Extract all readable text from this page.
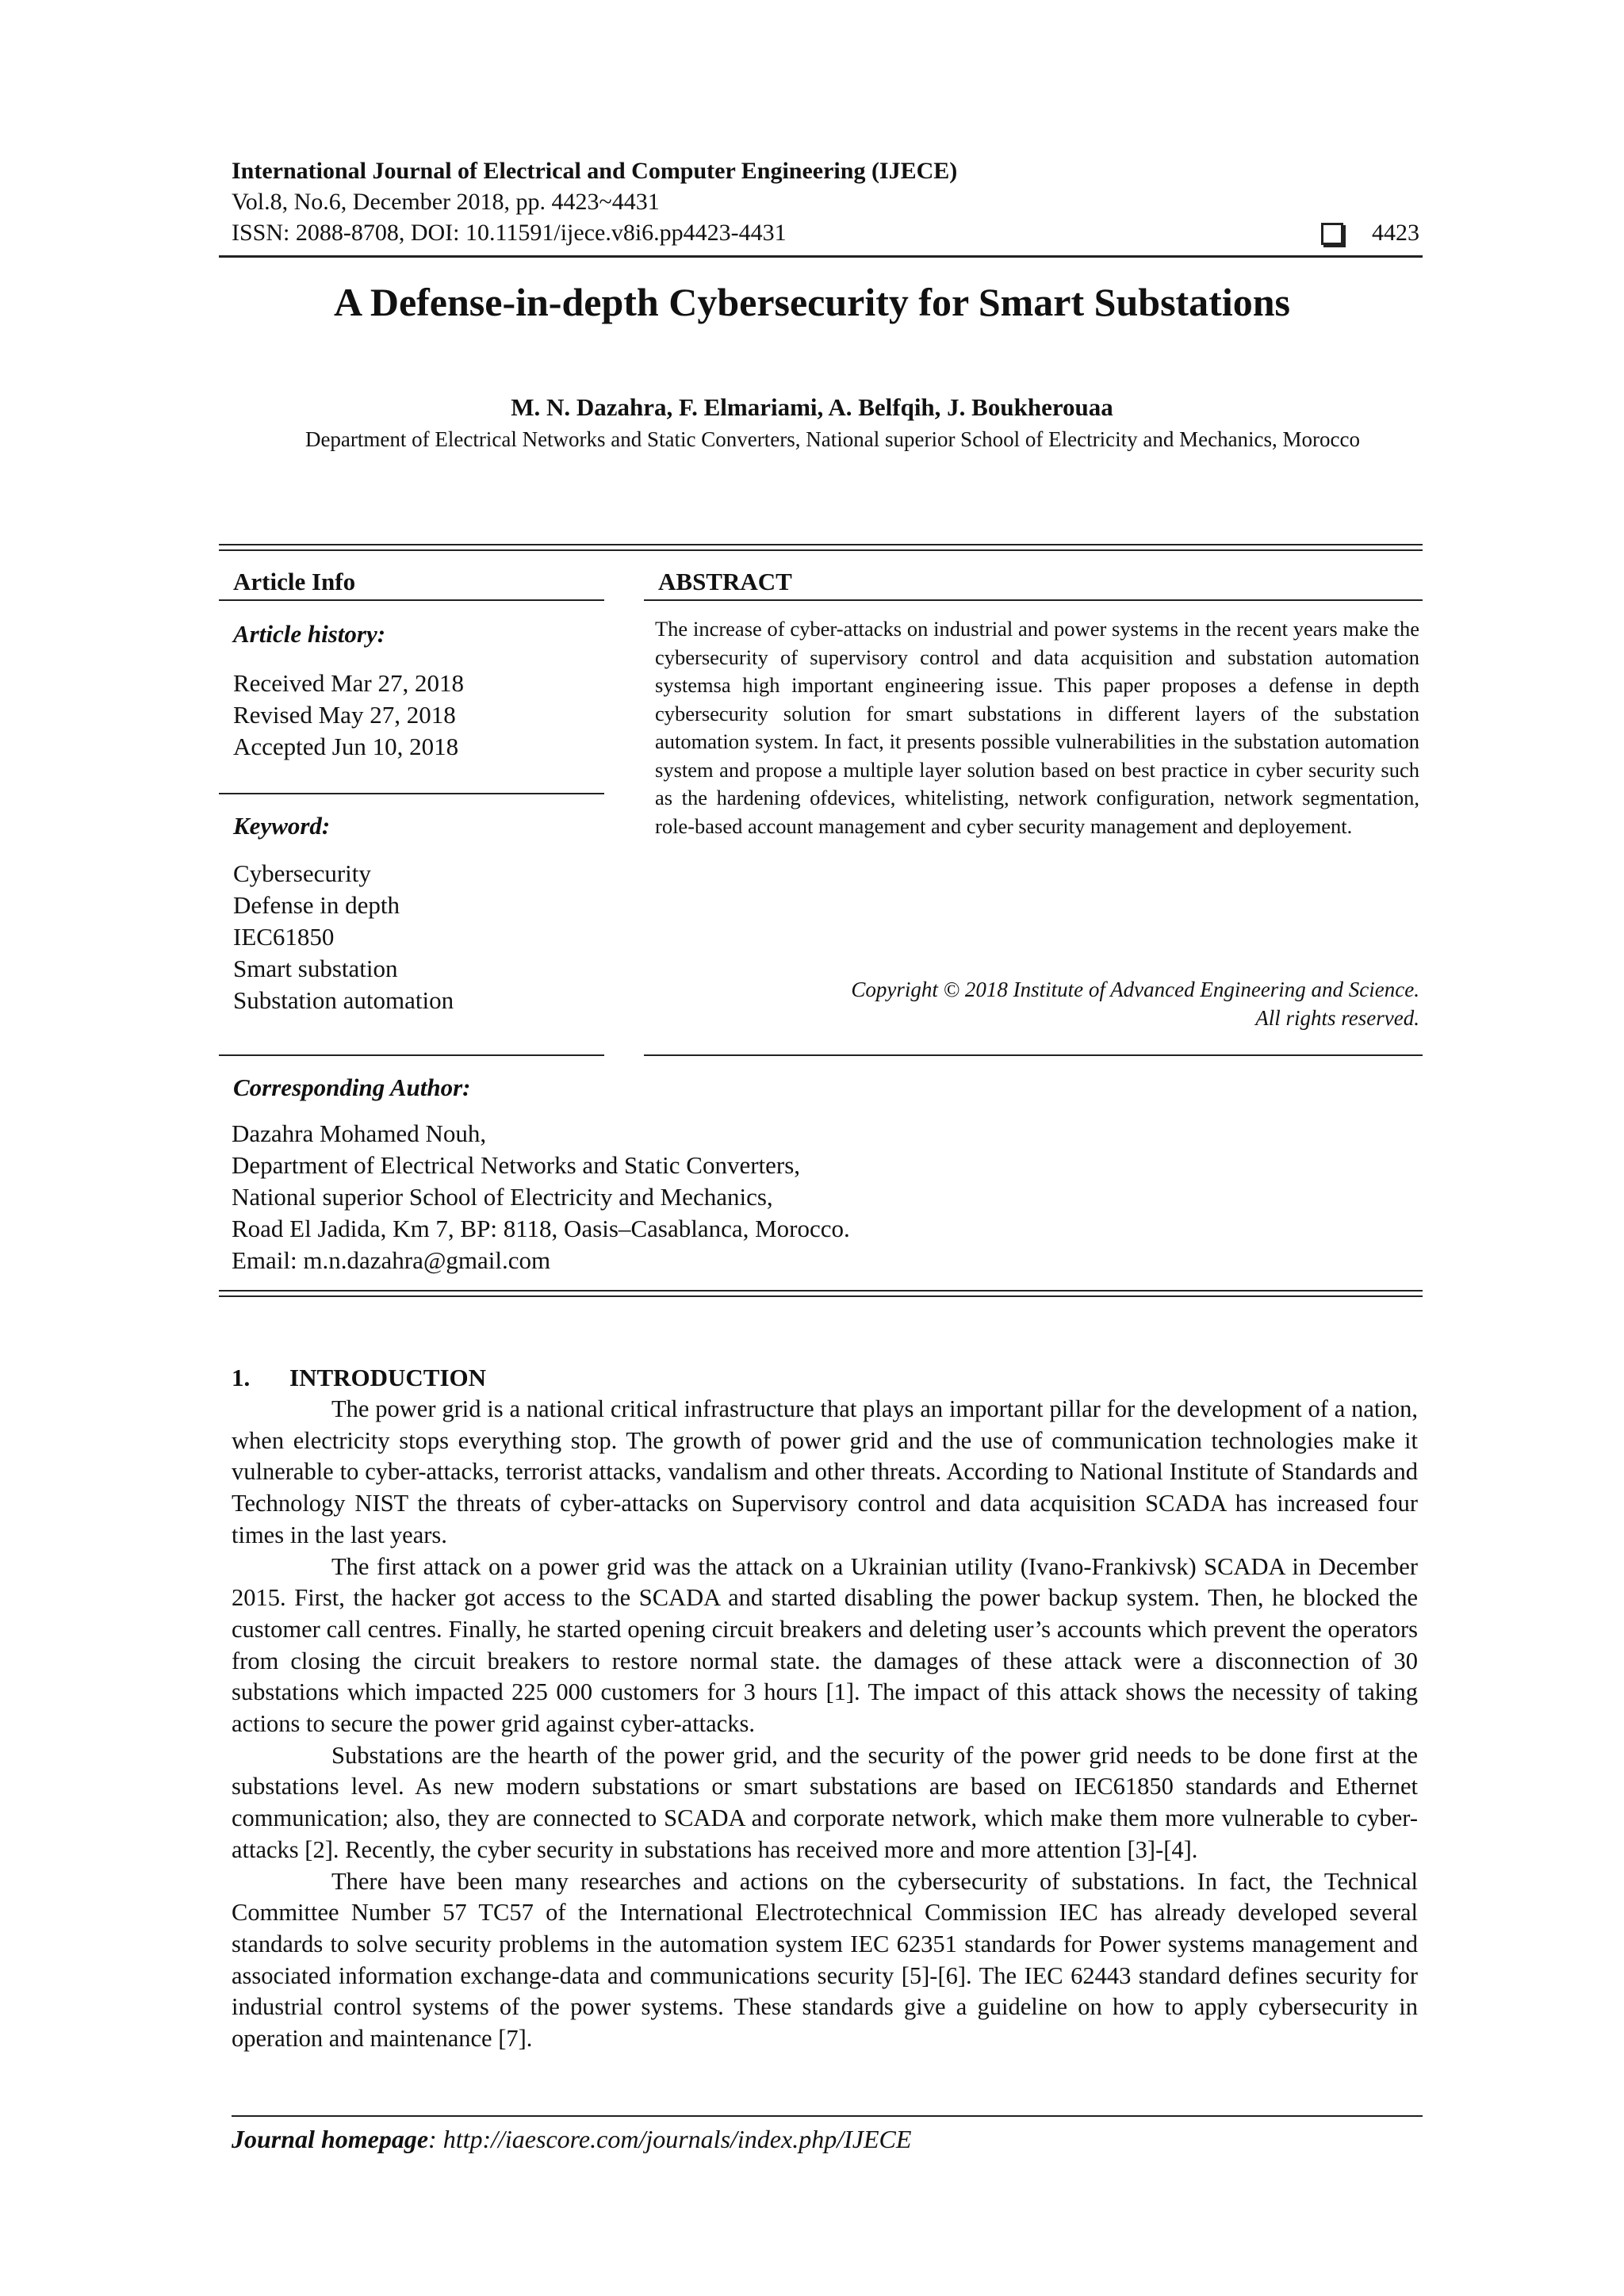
International Journal of Electrical and Computer Engineering (IJECE)
Vol.8, No.6, December 2018, pp. 4423~4431
ISSN: 2088-8708, DOI: 10.11591/ijece.v8i6.pp4423-4431	4423
A Defense-in-depth Cybersecurity for Smart Substations
M. N. Dazahra, F. Elmariami, A. Belfqih, J. Boukherouaa
Department of Electrical Networks and Static Converters, National superior School of Electricity and Mechanics, Morocco
Article Info
Article history:
Received Mar 27, 2018
Revised May 27, 2018
Accepted Jun 10, 2018
Keyword:
Cybersecurity
Defense in depth
IEC61850
Smart substation
Substation automation
ABSTRACT
The increase of cyber-attacks on industrial and power systems in the recent years make the cybersecurity of supervisory control and data acquisition and substation automation systemsa high important engineering issue. This paper proposes a defense in depth cybersecurity solution for smart substations in different layers of the substation automation system. In fact, it presents possible vulnerabilities in the substation automation system and propose a multiple layer solution based on best practice in cyber security such as the hardening ofdevices, whitelisting, network configuration, network segmentation, role-based account management and cyber security management and deployement.
Copyright © 2018 Institute of Advanced Engineering and Science.
All rights reserved.
Corresponding Author:
Dazahra Mohamed Nouh,
Department of Electrical Networks and Static Converters,
National superior School of Electricity and Mechanics,
Road El Jadida, Km 7, BP: 8118, Oasis–Casablanca, Morocco.
Email: m.n.dazahra@gmail.com
1. INTRODUCTION

The power grid is a national critical infrastructure that plays an important pillar for the development of a nation, when electricity stops everything stop. The growth of power grid and the use of communication technologies make it vulnerable to cyber-attacks, terrorist attacks, vandalism and other threats. According to National Institute of Standards and Technology NIST the threats of cyber-attacks on Supervisory control and data acquisition SCADA has increased four times in the last years.

The first attack on a power grid was the attack on a Ukrainian utility (Ivano-Frankivsk) SCADA in December 2015. First, the hacker got access to the SCADA and started disabling the power backup system. Then, he blocked the customer call centres. Finally, he started opening circuit breakers and deleting user’s accounts which prevent the operators from closing the circuit breakers to restore normal state. the damages of these attack were a disconnection of 30 substations which impacted 225 000 customers for 3 hours [1]. The impact of this attack shows the necessity of taking actions to secure the power grid against cyber-attacks.

Substations are the hearth of the power grid, and the security of the power grid needs to be done first at the substations level. As new modern substations or smart substations are based on IEC61850 standards and Ethernet communication; also, they are connected to SCADA and corporate network, which make them more vulnerable to cyber-attacks [2]. Recently, the cyber security in substations has received more and more attention [3]-[4].

There have been many researches and actions on the cybersecurity of substations. In fact, the Technical Committee Number 57 TC57 of the International Electrotechnical Commission IEC has already developed several standards to solve security problems in the automation system IEC 62351 standards for Power systems management and associated information exchange-data and communications security [5]-[6]. The IEC 62443 standard defines security for industrial control systems of the power systems. These standards give a guideline on how to apply cybersecurity in operation and maintenance [7].

Journal homepage: http://iaescore.com/journals/index.php/IJECE
